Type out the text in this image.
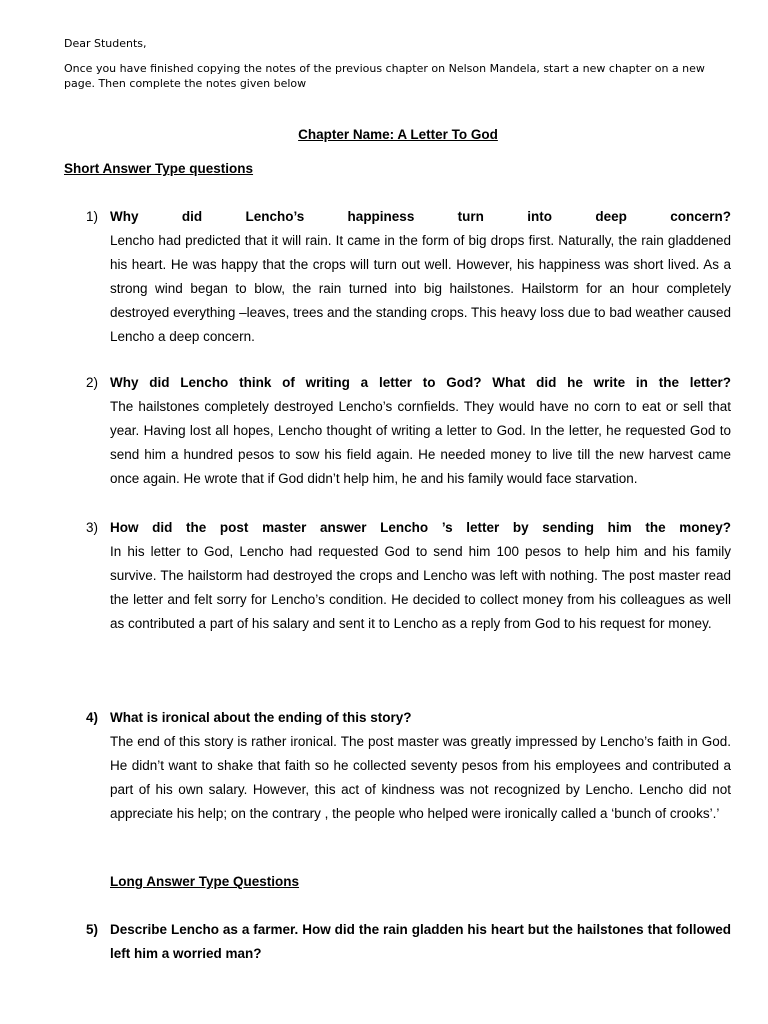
Dear Students,
Once you have finished copying the notes of the previous chapter on Nelson Mandela, start a new chapter on a new page. Then complete the notes given below
Chapter Name: A Letter To God
Short Answer Type questions
1) Why did Lencho’s happiness turn into deep concern?
Lencho had predicted that it will rain. It came in the form of big drops first. Naturally, the rain gladdened his heart. He was happy that the crops will turn out well. However, his happiness was short lived. As a strong wind began to blow, the rain turned into big hailstones. Hailstorm for an hour completely destroyed everything –leaves, trees and the standing crops. This heavy loss due to bad weather caused Lencho a deep concern.
2) Why did Lencho think of writing a letter to God? What did he write in the letter?
The hailstones completely destroyed Lencho’s cornfields. They would have no corn to eat or sell that year. Having lost all hopes, Lencho thought of writing a letter to God. In the letter, he requested God to send him a hundred pesos to sow his field again. He needed money to live till the new harvest came once again. He wrote that if God didn’t help him, he and his family would face starvation.
3) How did the post master answer Lencho ’s letter by sending him the money?
In his letter to God, Lencho had requested God to send him 100 pesos to help him and his family survive. The hailstorm had destroyed the crops and Lencho was left with nothing. The post master read the letter and felt sorry for Lencho’s condition. He decided to collect money from his colleagues as well as contributed a part of his salary and sent it to Lencho as a reply from God to his request for money.
4) What is ironical about the ending of this story?
The end of this story is rather ironical. The post master was greatly impressed by Lencho’s faith in God. He didn’t want to shake that faith so he collected seventy pesos from his employees and contributed a part of his own salary. However, this act of kindness was not recognized by Lencho. Lencho did not appreciate his help; on the contrary , the people who helped were ironically called a ‘bunch of crooks’.’
Long Answer Type Questions
5) Describe Lencho as a farmer. How did the rain gladden his heart but the hailstones that followed left him a worried man?
